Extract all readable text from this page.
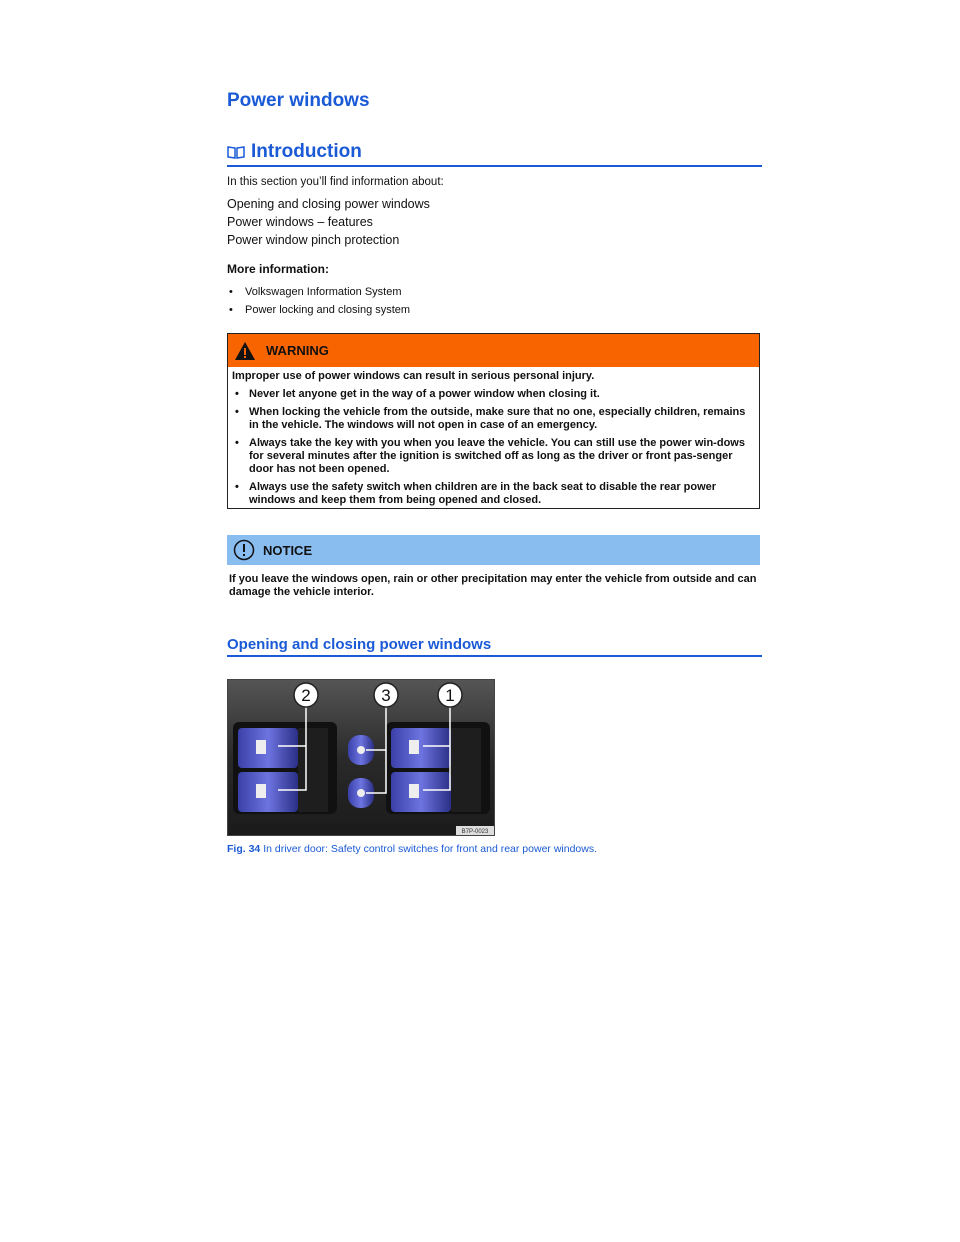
Power windows
Introduction
In this section you’ll find information about:
Opening and closing power windows
Power windows – features
Power window pinch protection
More information:
• Volkswagen Information System
• Power locking and closing system
WARNING

Improper use of power windows can result in serious personal injury.

• Never let anyone get in the way of a power window when closing it.

• When locking the vehicle from the outside, make sure that no one, especially children, remains in the vehicle. The windows will not open in case of an emergency.

• Always take the key with you when you leave the vehicle. You can still use the power win-dows for several minutes after the ignition is switched off as long as the driver or front pas-senger door has not been opened.

• Always use the safety switch when children are in the back seat to disable the rear power windows and keep them from being opened and closed.

NOTICE
If you leave the windows open, rain or other precipitation may enter the vehicle from outside and can damage the vehicle interior.
Opening and closing power windows
2	3	1
B7P-0023
Fig. 34 In driver door: Safety control switches for front and rear power windows.
